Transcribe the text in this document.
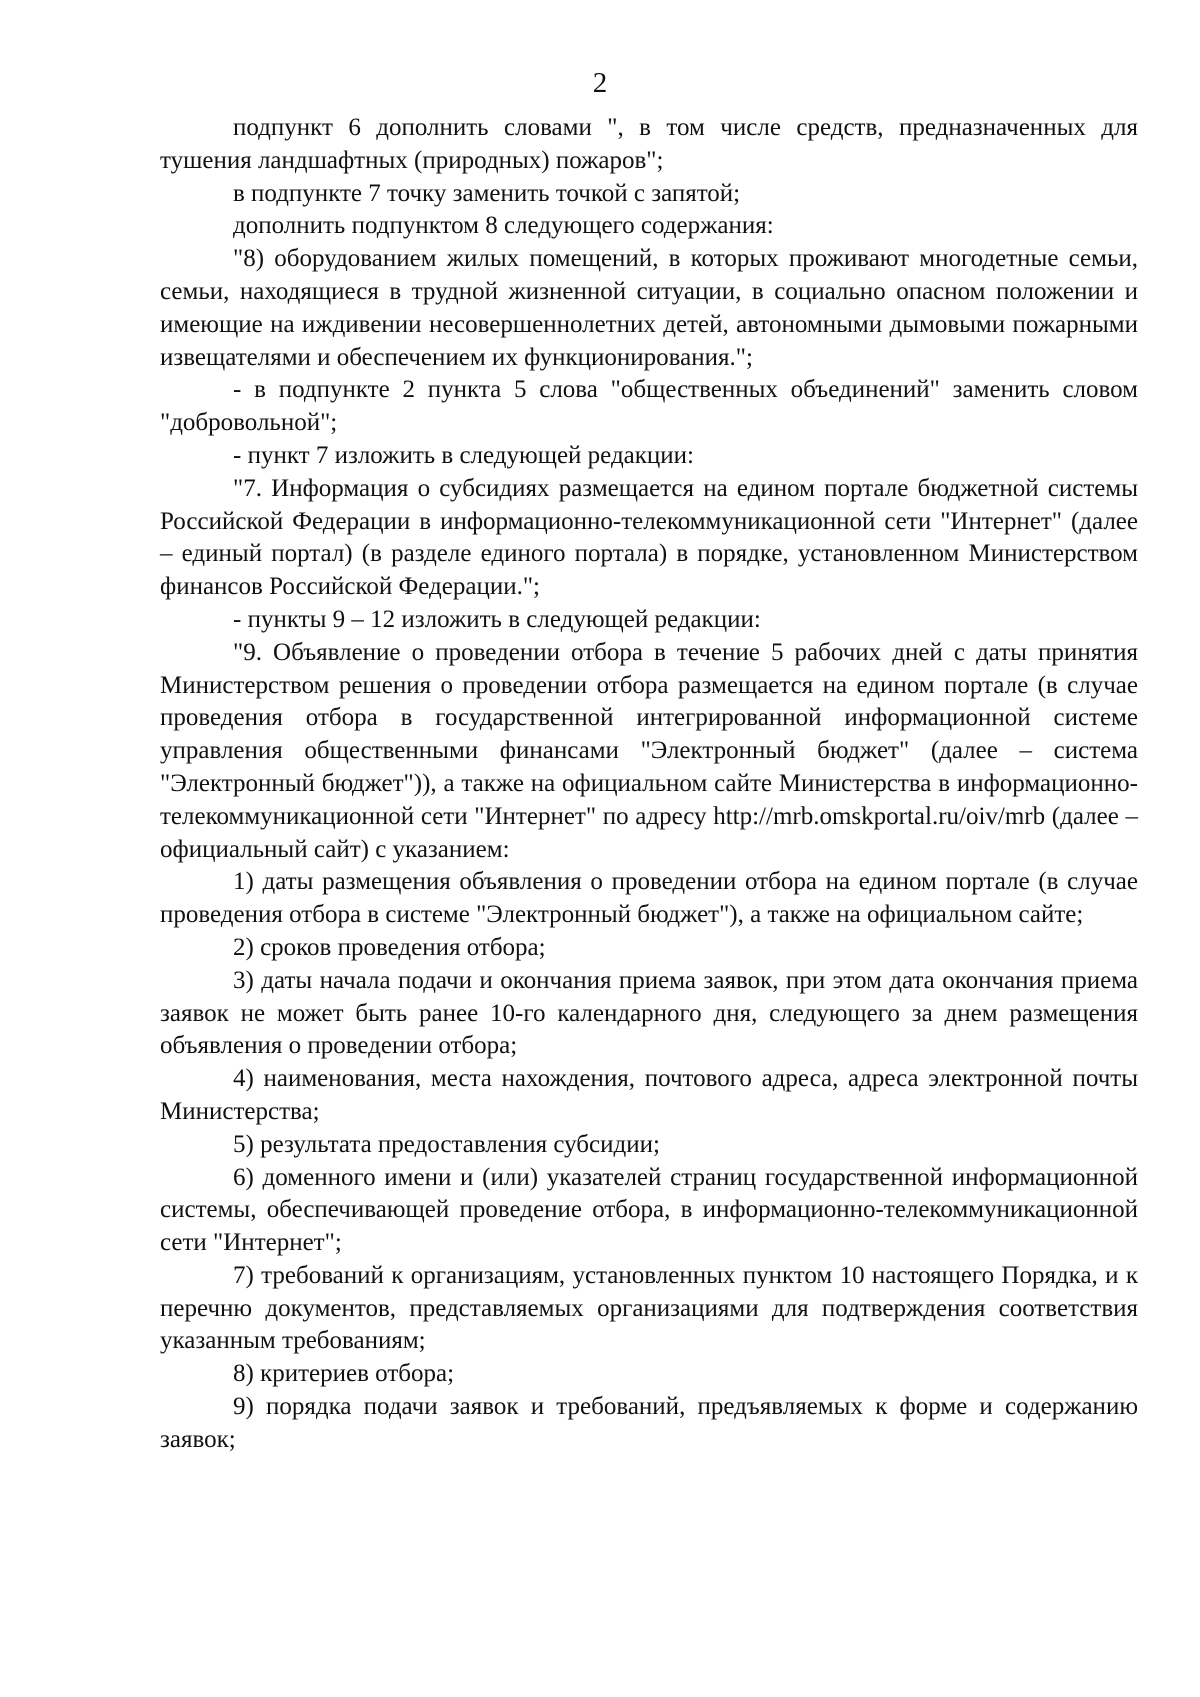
2

подпункт 6 дополнить словами ", в том числе средств, предназначенных для тушения ландшафтных (природных) пожаров";

в подпункте 7 точку заменить точкой с запятой;

дополнить подпунктом 8 следующего содержания:

"8) оборудованием жилых помещений, в которых проживают многодетные семьи, семьи, находящиеся в трудной жизненной ситуации, в социально опасном положении и имеющие на иждивении несовершеннолетних детей, автономными дымовыми пожарными извещателями и обеспечением их функционирования.";

- в подпункте 2 пункта 5 слова "общественных объединений" заменить словом "добровольной";

- пункт 7 изложить в следующей редакции:

"7. Информация о субсидиях размещается на едином портале бюджетной системы Российской Федерации в информационно-телекоммуникационной сети "Интернет" (далее – единый портал) (в разделе единого портала) в порядке, установленном Министерством финансов Российской Федерации.";

- пункты 9 – 12 изложить в следующей редакции:

"9. Объявление о проведении отбора в течение 5 рабочих дней с даты принятия Министерством решения о проведении отбора размещается на едином портале (в случае проведения отбора в государственной интегрированной информационной системе управления общественными финансами "Электронный бюджет" (далее – система "Электронный бюджет")), а также на официальном сайте Министерства в информационно-телекоммуникационной сети "Интернет" по адресу http://mrb.omskportal.ru/oiv/mrb (далее – официальный сайт) с указанием:

1) даты размещения объявления о проведении отбора на едином портале (в случае проведения отбора в системе "Электронный бюджет"), а также на официальном сайте;

2) сроков проведения отбора;

3) даты начала подачи и окончания приема заявок, при этом дата окончания приема заявок не может быть ранее 10-го календарного дня, следующего за днем размещения объявления о проведении отбора;

4) наименования, места нахождения, почтового адреса, адреса электронной почты Министерства;

5) результата предоставления субсидии;

6) доменного имени и (или) указателей страниц государственной информационной системы, обеспечивающей проведение отбора, в информационно-телекоммуникационной сети "Интернет";

7) требований к организациям, установленных пунктом 10 настоящего Порядка, и к перечню документов, представляемых организациями для подтверждения соответствия указанным требованиям;

8) критериев отбора;

9) порядка подачи заявок и требований, предъявляемых к форме и содержанию заявок;
